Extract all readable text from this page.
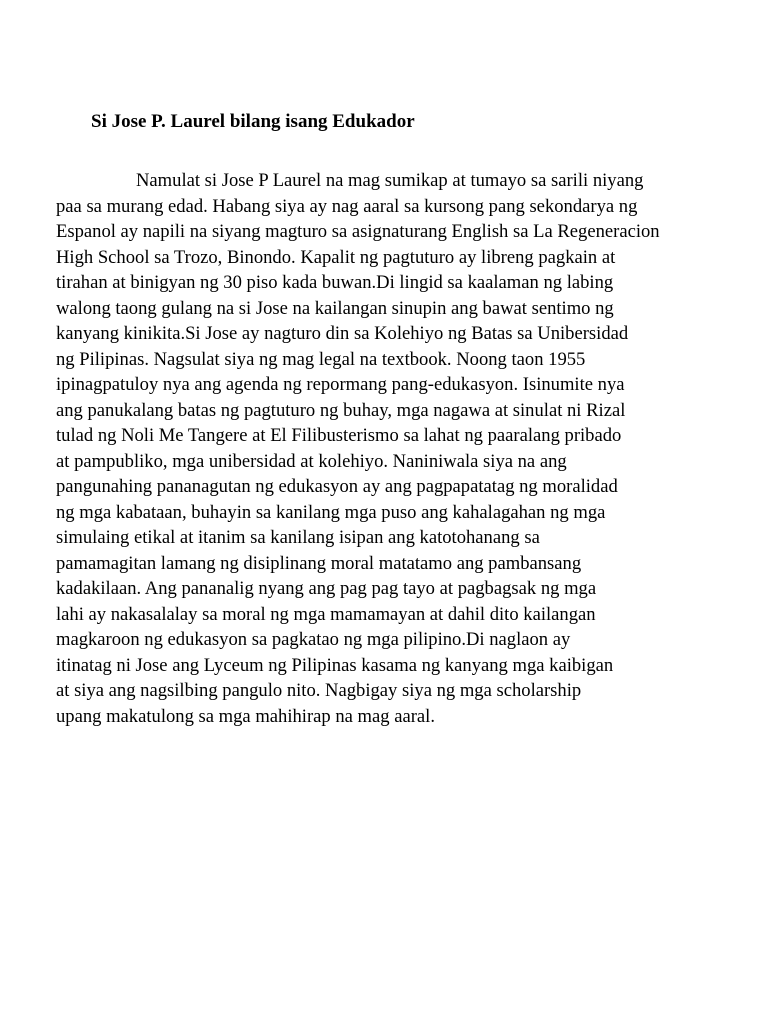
Si Jose P. Laurel bilang isang Edukador
Namulat si Jose P Laurel na mag sumikap at tumayo sa sarili niyang
paa sa murang edad. Habang siya ay nag aaral sa kursong pang sekondarya ng
Espanol ay napili na siyang magturo sa asignaturang English sa La Regeneracion
High School sa Trozo, Binondo. Kapalit ng pagtuturo ay libreng pagkain at
tirahan at binigyan ng 30 piso kada buwan.Di lingid sa kaalaman ng labing
walong taong gulang na si Jose na kailangan sinupin ang bawat sentimo ng
kanyang kinikita.Si Jose ay nagturo din sa Kolehiyo ng Batas sa Unibersidad
ng Pilipinas. Nagsulat siya ng mag legal na textbook. Noong taon 1955
ipinagpatuloy nya ang agenda ng repormang pang-edukasyon. Isinumite nya
ang panukalang batas ng pagtuturo ng buhay, mga nagawa at sinulat ni Rizal
tulad ng Noli Me Tangere at El Filibusterismo sa lahat ng paaralang pribado
at pampubliko, mga unibersidad at kolehiyo. Naniniwala siya na ang
pangunahing pananagutan ng edukasyon ay ang pagpapatatag ng moralidad
ng mga kabataan, buhayin sa kanilang mga puso ang kahalagahan ng mga
simulaing etikal at itanim sa kanilang isipan ang katotohanang sa
pamamagitan lamang ng disiplinang moral matatamo ang pambansang
kadakilaan. Ang pananalig nyang ang pag pag tayo at pagbagsak ng mga
lahi ay nakasalalay sa moral ng mga mamamayan at dahil dito kailangan
magkaroon ng edukasyon sa pagkatao ng mga pilipino.Di naglaon ay
itinatag ni Jose ang Lyceum ng Pilipinas kasama ng kanyang mga kaibigan
at siya ang nagsilbing pangulo nito. Nagbigay siya ng mga scholarship
upang makatulong sa mga mahihirap na mag aaral.
